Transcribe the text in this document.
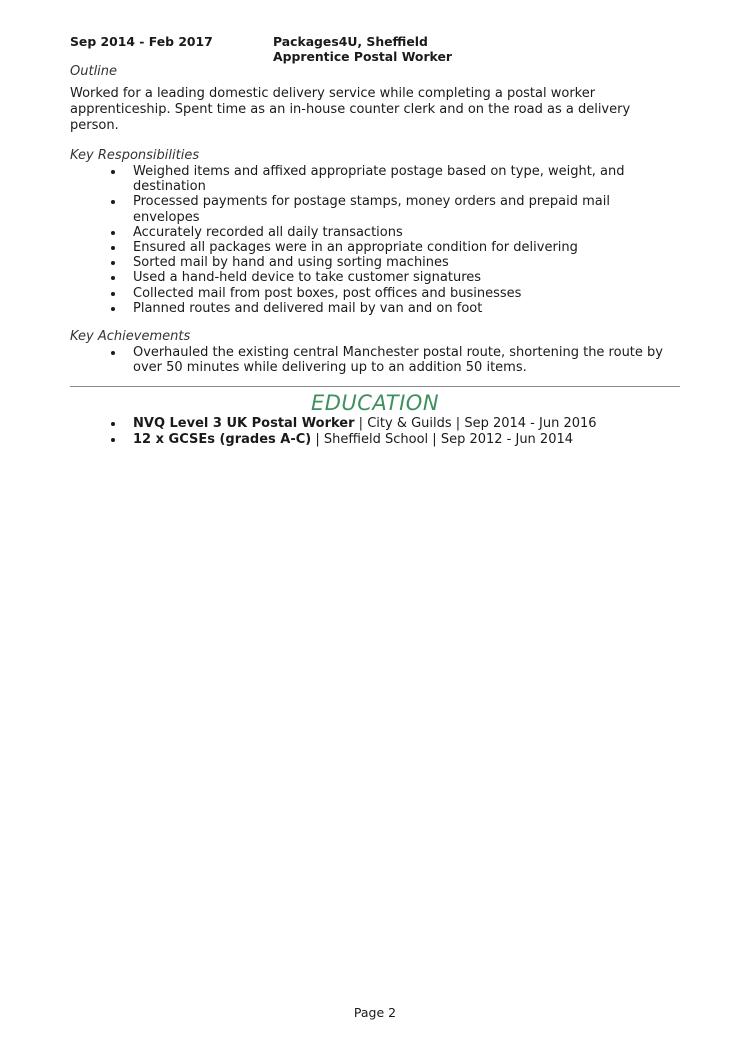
Sep 2014 - Feb 2017	Packages4U, Sheffield
Apprentice Postal Worker
Outline
Worked for a leading domestic delivery service while completing a postal worker apprenticeship. Spent time as an in-house counter clerk and on the road as a delivery person.
Key Responsibilities
Weighed items and affixed appropriate postage based on type, weight, and destination
Processed payments for postage stamps, money orders and prepaid mail envelopes
Accurately recorded all daily transactions
Ensured all packages were in an appropriate condition for delivering
Sorted mail by hand and using sorting machines
Used a hand-held device to take customer signatures
Collected mail from post boxes, post offices and businesses
Planned routes and delivered mail by van and on foot
Key Achievements
Overhauled the existing central Manchester postal route, shortening the route by over 50 minutes while delivering up to an addition 50 items.
EDUCATION
NVQ Level 3 UK Postal Worker | City & Guilds | Sep 2014 - Jun 2016
12 x GCSEs (grades A-C) | Sheffield School | Sep 2012 - Jun 2014
Page 2
